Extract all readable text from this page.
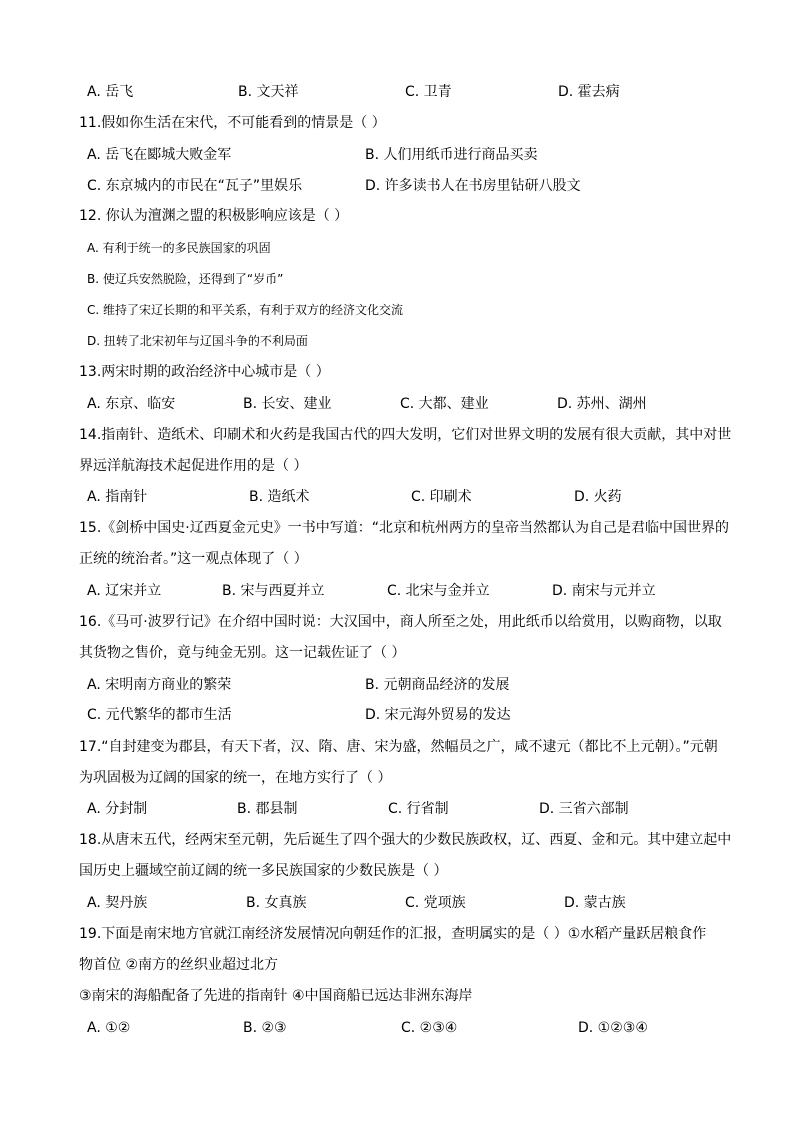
A. 岳飞	B. 文天祥	C. 卫青	D. 霍去病
11.假如你生活在宋代，不可能看到的情景是（ ）
A. 岳飞在郾城大败金军	B. 人们用纸币进行商品买卖
C. 东京城内的市民在“瓦子”里娱乐	D. 许多读书人在书房里钻研八股文
12. 你认为澶渊之盟的积极影响应该是（ ）
A. 有利于统一的多民族国家的巩固
B. 使辽兵安然脱险，还得到了“岁币”
C. 维持了宋辽长期的和平关系，有利于双方的经济文化交流
D. 扭转了北宋初年与辽国斗争的不利局面
13.两宋时期的政治经济中心城市是（ ）
A. 东京、临安	B. 长安、建业	C. 大都、建业	D. 苏州、湖州
14.指南针、造纸术、印刷术和火药是我国古代的四大发明，它们对世界文明的发展有很大贡献，其中对世
界远洋航海技术起促进作用的是（ ）
A. 指南针	B. 造纸术	C. 印刷术	D. 火药
15.《剑桥中国史·辽西夏金元史》一书中写道：“北京和杭州两方的皇帝当然都认为自己是君临中国世界的
正统的统治者。”这一观点体现了（ ）
A. 辽宋并立	B. 宋与西夏并立	C. 北宋与金并立	D. 南宋与元并立
16.《马可·波罗行记》在介绍中国时说：大汉国中，商人所至之处，用此纸币以给赏用，以购商物，以取
其货物之售价，竟与纯金无别。这一记载佐证了（ ）
A. 宋明南方商业的繁荣	B. 元朝商品经济的发展
C. 元代繁华的都市生活	D. 宋元海外贸易的发达
17.“自封建变为郡县，有天下者，汉、隋、唐、宋为盛，然幅员之广，咸不逮元（都比不上元朝）。”元朝
为巩固极为辽阔的国家的统一，在地方实行了（ ）
A. 分封制	B. 郡县制	C. 行省制	D. 三省六部制
18.从唐末五代，经两宋至元朝，先后诞生了四个强大的少数民族政权，辽、西夏、金和元。其中建立起中
国历史上疆域空前辽阔的统一多民族国家的少数民族是（ ）
A. 契丹族	B. 女真族	C. 党项族	D. 蒙古族
19.下面是南宋地方官就江南经济发展情况向朝廷作的汇报，查明属实的是（ ）①水稻产量跃居粮食作
物首位 ②南方的丝织业超过北方
③南宋的海船配备了先进的指南针 ④中国商船已远达非洲东海岸
A. ①②	B. ②③	C. ②③④	D. ①②③④
